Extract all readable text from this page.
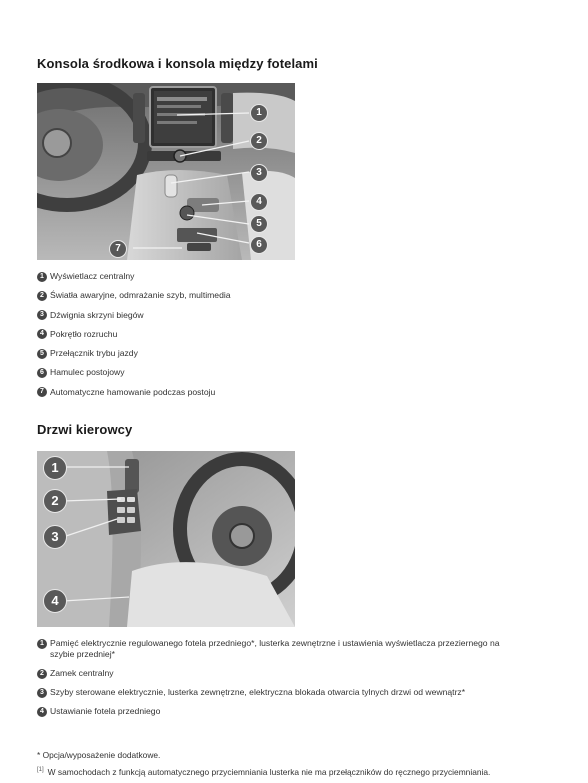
Konsola środkowa i konsola między fotelami
1
2
3
4
5
6
7
1 Wyświetlacz centralny
2 Światła awaryjne, odmrażanie szyb, multimedia
3 Dźwignia skrzyni biegów
4 Pokrętło rozruchu
5 Przełącznik trybu jazdy
6 Hamulec postojowy
7 Automatyczne hamowanie podczas postoju
Drzwi kierowcy
1
2
3
4
1 Pamięć elektrycznie regulowanego fotela przedniego*, lusterka zewnętrzne i ustawienia wyświetlacza przeziernego na
szybie przedniej*
2 Zamek centralny
3 Szyby sterowane elektrycznie, lusterka zewnętrzne, elektryczna blokada otwarcia tylnych drzwi od wewnątrz*
4 Ustawianie fotela przedniego
* Opcja/wyposażenie dodatkowe.
[1] W samochodach z funkcją automatycznego przyciemniania lusterka nie ma przełączników do ręcznego przyciemniania.
